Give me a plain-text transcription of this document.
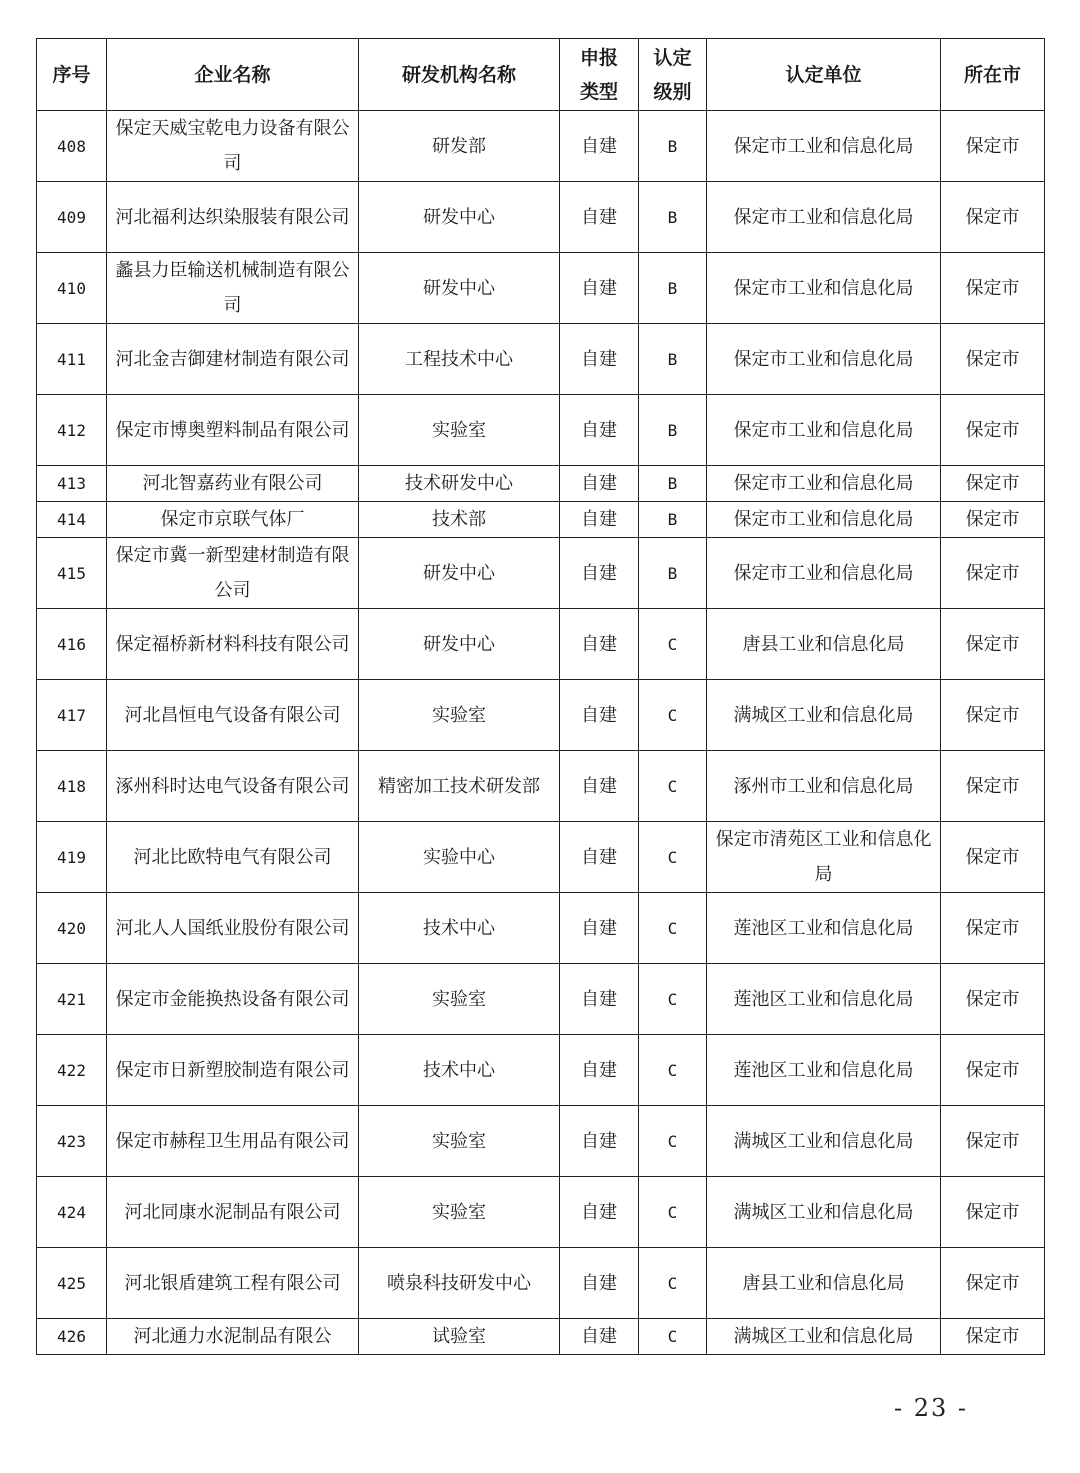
序号	企业名称	研发机构名称	申报类型	认定级别	认定单位	所在市
408	保定天威宝乾电力设备有限公司	研发部	自建	B	保定市工业和信息化局	保定市
409	河北福利达织染服装有限公司	研发中心	自建	B	保定市工业和信息化局	保定市
410	蠡县力臣输送机械制造有限公司	研发中心	自建	B	保定市工业和信息化局	保定市
411	河北金吉御建材制造有限公司	工程技术中心	自建	B	保定市工业和信息化局	保定市
412	保定市博奥塑料制品有限公司	实验室	自建	B	保定市工业和信息化局	保定市
413	河北智嘉药业有限公司	技术研发中心	自建	B	保定市工业和信息化局	保定市
414	保定市京联气体厂	技术部	自建	B	保定市工业和信息化局	保定市
415	保定市冀一新型建材制造有限公司	研发中心	自建	B	保定市工业和信息化局	保定市
416	保定福桥新材料科技有限公司	研发中心	自建	C	唐县工业和信息化局	保定市
417	河北昌恒电气设备有限公司	实验室	自建	C	满城区工业和信息化局	保定市
418	涿州科时达电气设备有限公司	精密加工技术研发部	自建	C	涿州市工业和信息化局	保定市
419	河北比欧特电气有限公司	实验中心	自建	C	保定市清苑区工业和信息化局	保定市
420	河北人人国纸业股份有限公司	技术中心	自建	C	莲池区工业和信息化局	保定市
421	保定市金能换热设备有限公司	实验室	自建	C	莲池区工业和信息化局	保定市
422	保定市日新塑胶制造有限公司	技术中心	自建	C	莲池区工业和信息化局	保定市
423	保定市赫程卫生用品有限公司	实验室	自建	C	满城区工业和信息化局	保定市
424	河北同康水泥制品有限公司	实验室	自建	C	满城区工业和信息化局	保定市
425	河北银盾建筑工程有限公司	喷泉科技研发中心	自建	C	唐县工业和信息化局	保定市
426	河北通力水泥制品有限公	试验室	自建	C	满城区工业和信息化局	保定市
- 23 -
